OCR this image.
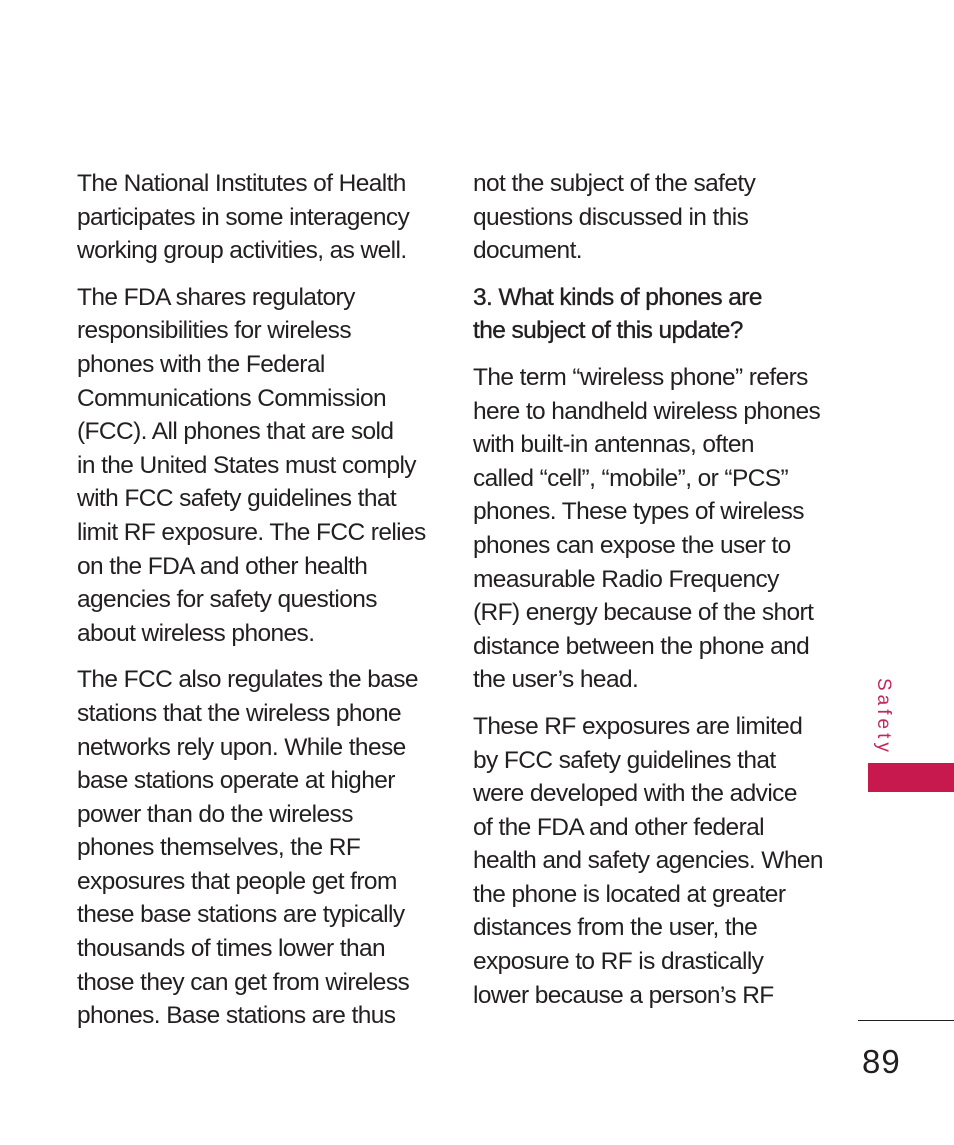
The National Institutes of Health
participates in some interagency
working group activities, as well.

The FDA shares regulatory
responsibilities for wireless
phones with the Federal
Communications Commission
(FCC). All phones that are sold
in the United States must comply
with FCC safety guidelines that
limit RF exposure. The FCC relies
on the FDA and other health
agencies for safety questions
about wireless phones.

The FCC also regulates the base
stations that the wireless phone
networks rely upon. While these
base stations operate at higher
power than do the wireless
phones themselves, the RF
exposures that people get from
these base stations are typically
thousands of times lower than
those they can get from wireless
phones. Base stations are thus

not the subject of the safety
questions discussed in this
document.

3. What kinds of phones are
the subject of this update?

The term “wireless phone” refers
here to handheld wireless phones
with built-in antennas, often
called “cell”, “mobile”, or “PCS”
phones. These types of wireless
phones can expose the user to
measurable Radio Frequency
(RF) energy because of the short
distance between the phone and
the user’s head.

These RF exposures are limited
by FCC safety guidelines that
were developed with the advice
of the FDA and other federal
health and safety agencies. When
the phone is located at greater
distances from the user, the
exposure to RF is drastically
lower because a person’s RF

Safety
89
